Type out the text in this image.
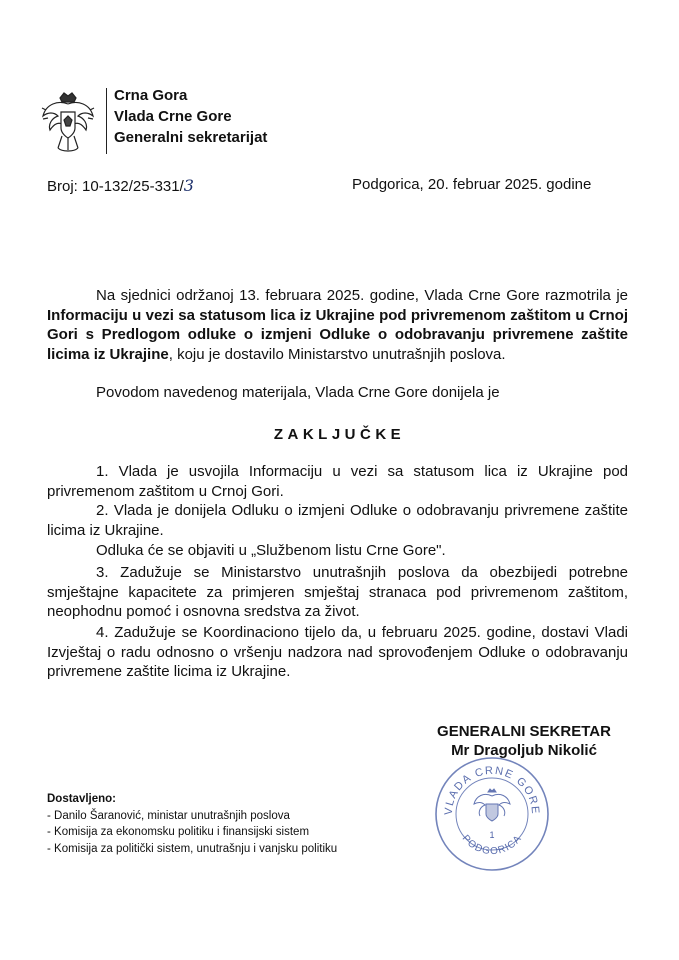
Crna Gora
Vlada Crne Gore
Generalni sekretarijat
Broj: 10-132/25-331/3	Podgorica, 20. februar 2025. godine
Na sjednici održanoj 13. februara 2025. godine, Vlada Crne Gore razmotrila je Informaciju u vezi sa statusom lica iz Ukrajine pod privremenom zaštitom u Crnoj Gori s Predlogom odluke o izmjeni Odluke o odobravanju privremene zaštite licima iz Ukrajine, koju je dostavilo Ministarstvo unutrašnjih poslova.
Povodom navedenog materijala, Vlada Crne Gore donijela je
ZAKLJUČKE
1. Vlada je usvojila Informaciju u vezi sa statusom lica iz Ukrajine pod privremenom zaštitom u Crnoj Gori.
2. Vlada je donijela Odluku o izmjeni Odluke o odobravanju privremene zaštite licima iz Ukrajine.
Odluka će se objaviti u „Službenom listu Crne Gore".
3. Zadužuje se Ministarstvo unutrašnjih poslova da obezbijedi potrebne smještajne kapacitete za primjeren smještaj stranaca pod privremenom zaštitom, neophodnu pomoć i osnovna sredstva za život.
4. Zadužuje se Koordinaciono tijelo da, u februaru 2025. godine, dostavi Vladi Izvještaj o radu odnosno o vršenju nadzora nad sprovođenjem Odluke o odobravanju privremene zaštite licima iz Ukrajine.
VLADA CRNE GORE
PODGORICA
1
GENERALNI SEKRETAR
Mr Dragoljub Nikolić
Dostavljeno:
- Danilo Šaranović, ministar unutrašnjih poslova
- Komisija za ekonomsku politiku i finansijski sistem
- Komisija za politički sistem, unutrašnju i vanjsku politiku
